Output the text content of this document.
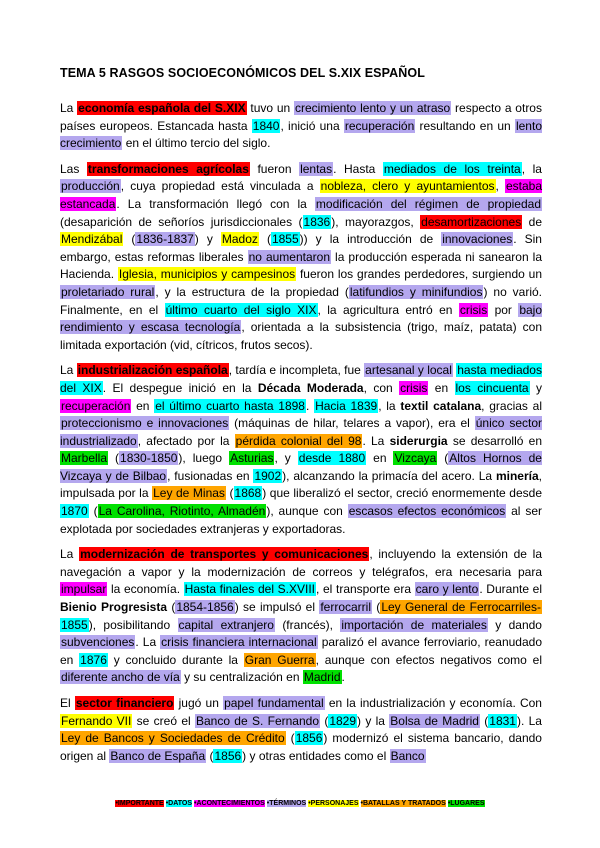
TEMA 5 RASGOS SOCIOECONÓMICOS DEL S.XIX ESPAÑOL

La economía española del S.XIX tuvo un crecimiento lento y un atraso respecto a otros países europeos. Estancada hasta 1840, inició una recuperación resultando en un lento crecimiento en el último tercio del siglo.

Las transformaciones agrícolas fueron lentas. Hasta mediados de los treinta, la producción, cuya propiedad está vinculada a nobleza, clero y ayuntamientos, estaba estancada. La transformación llegó con la modificación del régimen de propiedad (desaparición de señoríos jurisdiccionales (1836), mayorazgos, desamortizaciones de Mendizábal (1836-1837) y Madoz (1855)) y la introducción de innovaciones. Sin embargo, estas reformas liberales no aumentaron la producción esperada ni sanearon la Hacienda. Iglesia, municipios y campesinos fueron los grandes perdedores, surgiendo un proletariado rural, y la estructura de la propiedad (latifundios y minifundios) no varió. Finalmente, en el último cuarto del siglo XIX, la agricultura entró en crisis por bajo rendimiento y escasa tecnología, orientada a la subsistencia (trigo, maíz, patata) con limitada exportación (vid, cítricos, frutos secos).

La industrialización española, tardía e incompleta, fue artesanal y local hasta mediados del XIX. El despegue inició en la Década Moderada, con crisis en los cincuenta y recuperación en el último cuarto hasta 1898. Hacia 1839, la textil catalana, gracias al proteccionismo e innovaciones (máquinas de hilar, telares a vapor), era el único sector industrializado, afectado por la pérdida colonial del 98. La siderurgia se desarrolló en Marbella (1830-1850), luego Asturias, y desde 1880 en Vizcaya (Altos Hornos de Vizcaya y de Bilbao, fusionadas en 1902), alcanzando la primacía del acero. La minería, impulsada por la Ley de Minas (1868) que liberalizó el sector, creció enormemente desde 1870 (La Carolina, Riotinto, Almadén), aunque con escasos efectos económicos al ser explotada por sociedades extranjeras y exportadoras.

La modernización de transportes y comunicaciones, incluyendo la extensión de la navegación a vapor y la modernización de correos y telégrafos, era necesaria para impulsar la economía. Hasta finales del S.XVIII, el transporte era caro y lento. Durante el Bienio Progresista (1854-1856) se impulsó el ferrocarril (Ley General de Ferrocarriles-1855), posibilitando capital extranjero (francés), importación de materiales y dando subvenciones. La crisis financiera internacional paralizó el avance ferroviario, reanudado en 1876 y concluido durante la Gran Guerra, aunque con efectos negativos como el diferente ancho de vía y su centralización en Madrid.

El sector financiero jugó un papel fundamental en la industrialización y economía. Con Fernando VII se creó el Banco de S. Fernando (1829) y la Bolsa de Madrid (1831). La Ley de Bancos y Sociedades de Crédito (1856) modernizó el sistema bancario, dando origen al Banco de España (1856) y otras entidades como el Banco

•IMPORTANTE •DATOS •ACONTECIMIENTOS •TÉRMINOS •PERSONAJES •BATALLAS Y TRATADOS •LUGARES
